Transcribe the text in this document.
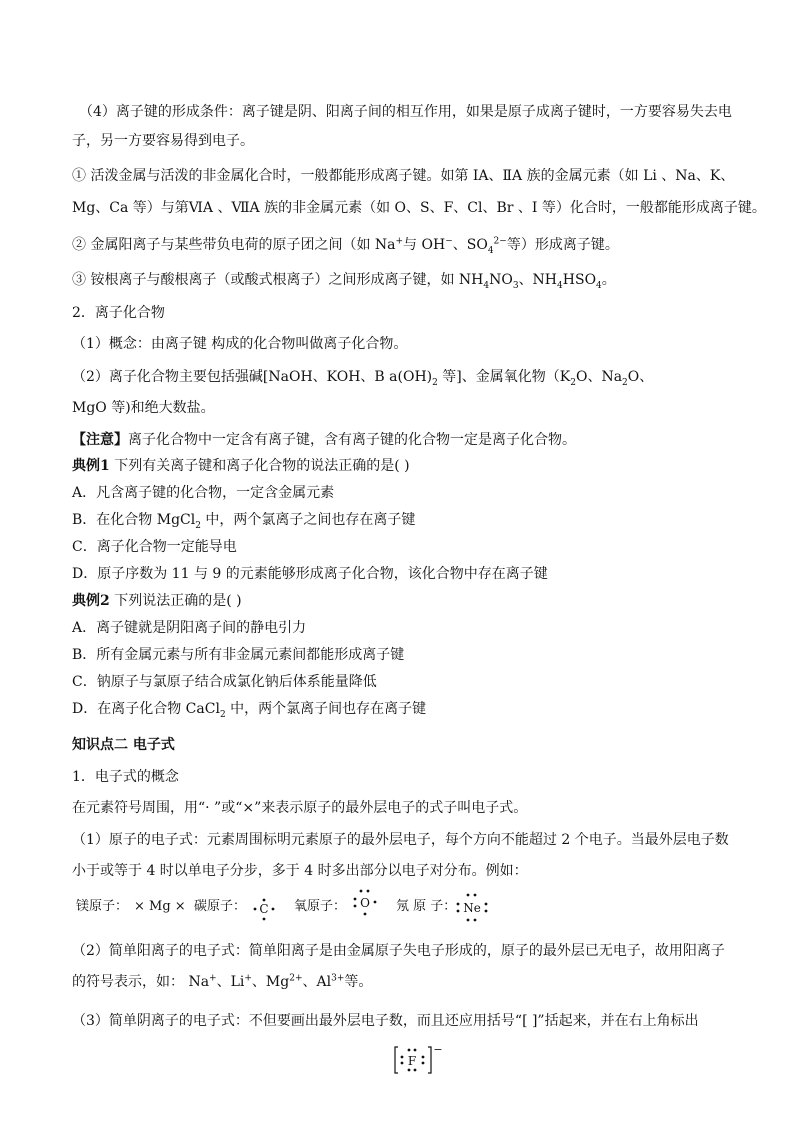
（4）离子键的形成条件：离子键是阴、阳离子间的相互作用，如果是原子成离子键时，一方要容易失去电
子，另一方要容易得到电子。
① 活泼金属与活泼的非金属化合时，一般都能形成离子键。如第 IA、ⅡA 族的金属元素（如 Li 、Na、K、
Mg、Ca 等）与第ⅥA 、ⅦA 族的非金属元素（如 O、S、F、Cl、Br 、I 等）化合时，一般都能形成离子键。
② 金属阳离子与某些带负电荷的原子团之间（如 Na+与 OH−、$SO_4^{2-}$等）形成离子键。
③ 铵根离子与酸根离子（或酸式根离子）之间形成离子键，如 $NH_4NO_3$、$NH_4HSO_4$。
2．离子化合物
（1）概念：由离子键 构成的化合物叫做离子化合物。
（2）离子化合物主要包括强碱[NaOH、KOH、B $a(OH)_2$ 等]、金属氧化物（$K_2O$、$Na_2O$、
MgO 等)和绝大数盐。
【注意】离子化合物中一定含有离子键，含有离子键的化合物一定是离子化合物。
典例1 下列有关离子键和离子化合物的说法正确的是( )
A．凡含离子键的化合物，一定含金属元素
B．在化合物 MgCl$_2$ 中，两个氯离子之间也存在离子键
C．离子化合物一定能导电
D．原子序数为 11 与 9 的元素能够形成离子化合物，该化合物中存在离子键
典例2 下列说法正确的是( )
A．离子键就是阴阳离子间的静电引力
B．所有金属元素与所有非金属元素间都能形成离子键
C．钠原子与氯原子结合成氯化钠后体系能量降低
D．在离子化合物 CaCl$_2$ 中，两个氯离子间也存在离子键
知识点二 电子式
1．电子式的概念
在元素符号周围，用“· ”或“×”来表示原子的最外层电子的式子叫电子式。
（1）原子的电子式：元素周围标明元素原子的最外层电子，每个方向不能超过 2 个电子。当最外层电子数
小于或等于 4 时以单电子分步，多于 4 时多出部分以电子对分布。例如：
镁原子： × Mg × 碳原子： C 氧原子： O 氖 原 子： Ne
（2）简单阳离子的电子式：简单阳离子是由金属原子失电子形成的，原子的最外层已无电子，故用阳离子
的符号表示，如： Na+、Li+、$Mg^{2+}$、$Al^{3+}$等。
（3）简单阴离子的电子式：不但要画出最外层电子数，而且还应用括号“[ ]”括起来，并在右上角标出
F
−
